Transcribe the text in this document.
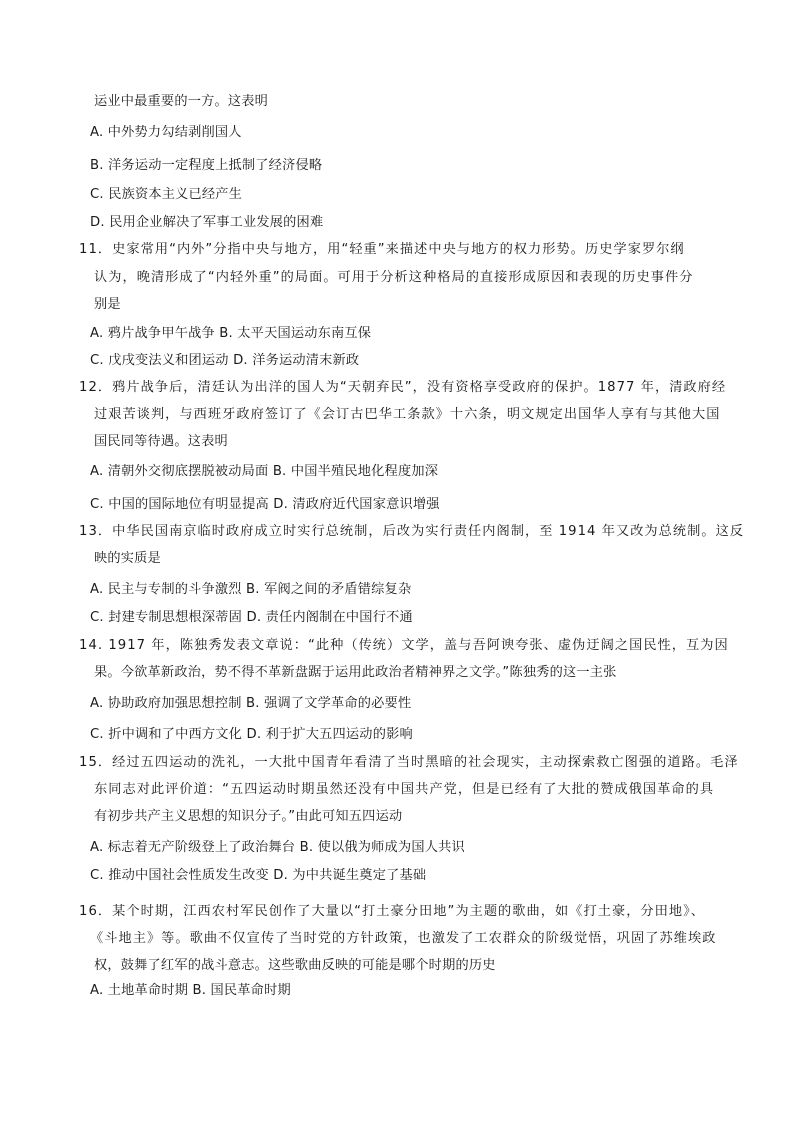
运业中最重要的一方。这表明
A. 中外势力勾结剥削国人
B. 洋务运动一定程度上抵制了经济侵略
C. 民族资本主义已经产生
D. 民用企业解决了军事工业发展的困难
11．史家常用“内外”分指中央与地方，用“轻重”来描述中央与地方的权力形势。历史学家罗尔纲
认为，晚清形成了“内轻外重”的局面。可用于分析这种格局的直接形成原因和表现的历史事件分
别是
A. 鸦片战争甲午战争 B. 太平天国运动东南互保
C. 戊戌变法义和团运动 D. 洋务运动清末新政
12．鸦片战争后，清廷认为出洋的国人为“天朝弃民”，没有资格享受政府的保护。1877 年，清政府经
过艰苦谈判，与西班牙政府签订了《会订古巴华工条款》十六条，明文规定出国华人享有与其他大国
国民同等待遇。这表明
A. 清朝外交彻底摆脱被动局面 B. 中国半殖民地化程度加深
C. 中国的国际地位有明显提高 D. 清政府近代国家意识增强
13．中华民国南京临时政府成立时实行总统制，后改为实行责任内阁制，至 1914 年又改为总统制。这反
映的实质是
A. 民主与专制的斗争激烈 B. 军阀之间的矛盾错综复杂
C. 封建专制思想根深蒂固 D. 责任内阁制在中国行不通
14. 1917 年，陈独秀发表文章说：“此种（传统）文学，盖与吾阿谀夸张、虚伪迂阔之国民性，互为因
果。今欲革新政治，势不得不革新盘踞于运用此政治者精神界之文学。”陈独秀的这一主张
A. 协助政府加强思想控制 B. 强调了文学革命的必要性
C. 折中调和了中西方文化 D. 利于扩大五四运动的影响
15．经过五四运动的洗礼，一大批中国青年看清了当时黑暗的社会现实，主动探索救亡图强的道路。毛泽
东同志对此评价道：“五四运动时期虽然还没有中国共产党，但是已经有了大批的赞成俄国革命的具
有初步共产主义思想的知识分子。”由此可知五四运动
A. 标志着无产阶级登上了政治舞台 B. 使以俄为师成为国人共识
C. 推动中国社会性质发生改变 D. 为中共诞生奠定了基础
16．某个时期，江西农村军民创作了大量以“打土豪分田地”为主题的歌曲，如《打土豪，分田地》、
《斗地主》等。歌曲不仅宣传了当时党的方针政策，也激发了工农群众的阶级觉悟，巩固了苏维埃政
权，鼓舞了红军的战斗意志。这些歌曲反映的可能是哪个时期的历史
A. 土地革命时期 B. 国民革命时期
